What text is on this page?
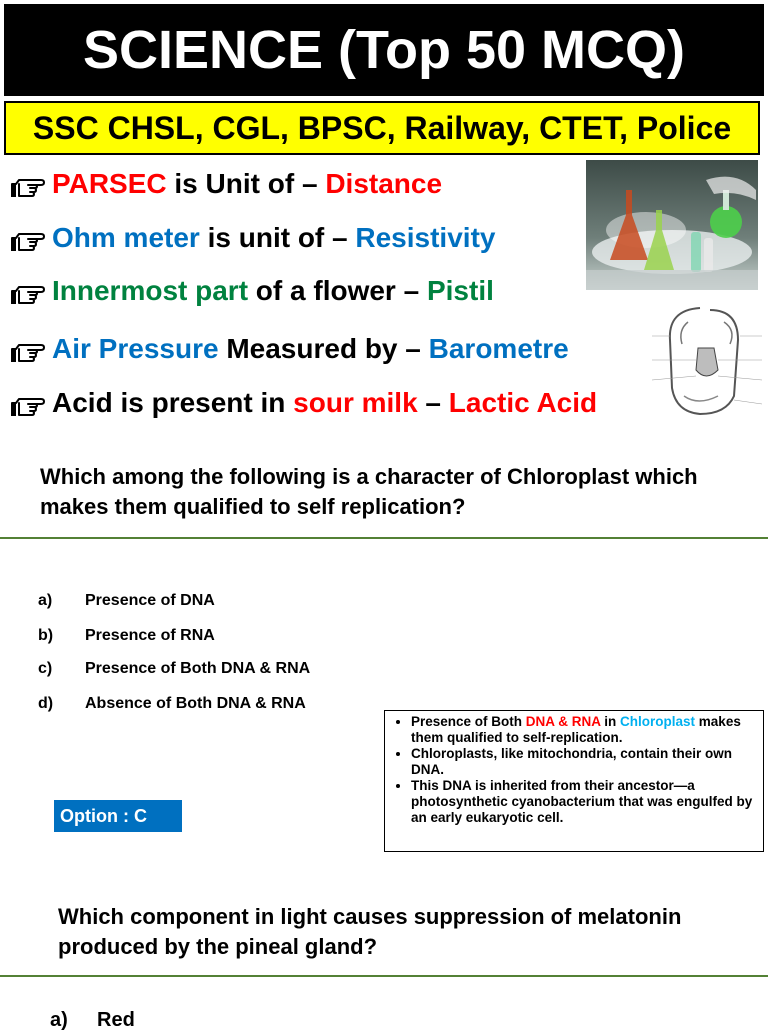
SCIENCE (Top 50 MCQ)
SSC CHSL, CGL, BPSC, Railway, CTET, Police
PARSEC is Unit of – Distance
Ohm meter is unit of – Resistivity
Innermost part of a flower – Pistil
Air Pressure Measured by – Barometre
Acid is present in sour milk – Lactic Acid
Which among the following is a character of Chloroplast which makes them qualified to self replication?
a) Presence of DNA
b) Presence of RNA
c) Presence of Both DNA & RNA
d) Absence of Both DNA & RNA
Option : C
• Presence of Both DNA & RNA in Chloroplast makes them qualified to self-replication.
• Chloroplasts, like mitochondria, contain their own DNA.
• This DNA is inherited from their ancestor—a photosynthetic cyanobacterium that was engulfed by an early eukaryotic cell.
Which component in light causes suppression of melatonin produced by the pineal gland?
a) Red
